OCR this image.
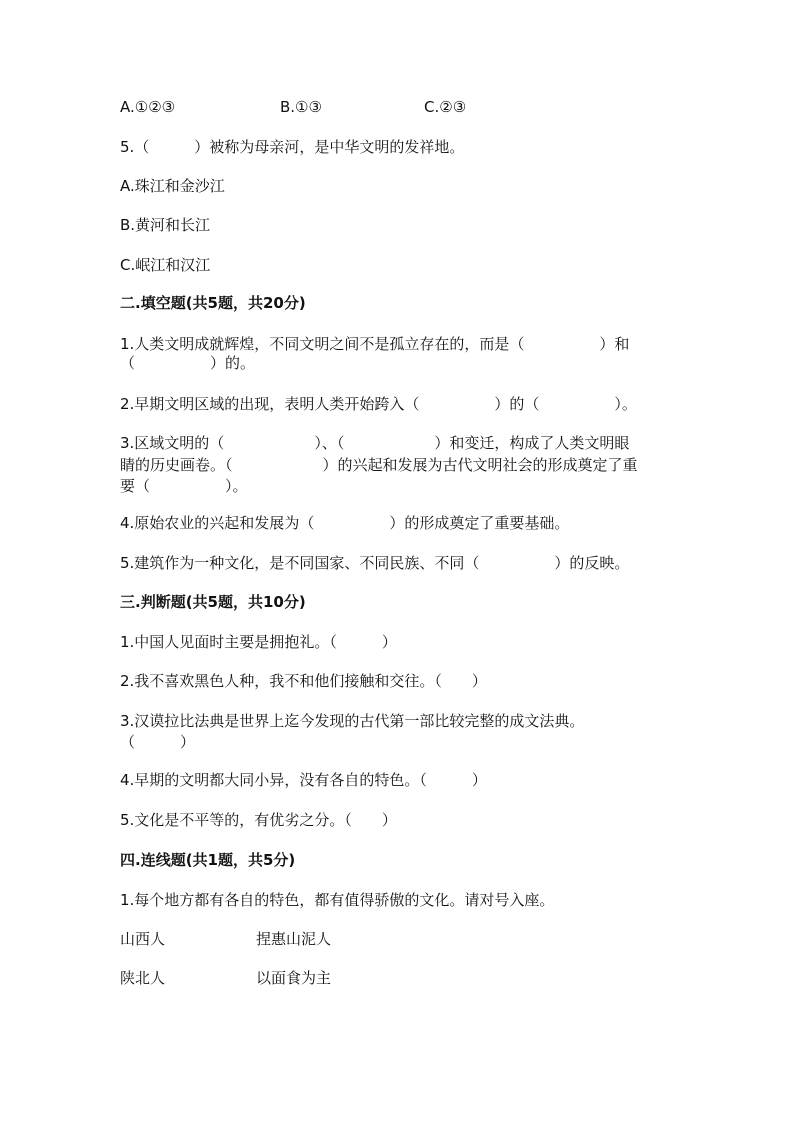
A.①②③	B.①③	C.②③
5.（　　　）被称为母亲河，是中华文明的发祥地。
A.珠江和金沙江
B.黄河和长江
C.岷江和汉江
二.填空题(共5题，共20分)
1.人类文明成就辉煌，不同文明之间不是孤立存在的，而是（　　　　　）和
（　　　　　）的。
2.早期文明区域的出现，表明人类开始跨入（　　　　　）的（　　　　　）。
3.区域文明的（　　　　　　）、（　　　　　　）和变迁，构成了人类文明眼
睛的历史画卷。（　　　　　　）的兴起和发展为古代文明社会的形成奠定了重
要（　　　　　）。
4.原始农业的兴起和发展为（　　　　　）的形成奠定了重要基础。
5.建筑作为一种文化，是不同国家、不同民族、不同（　　　　　）的反映。
三.判断题(共5题，共10分)
1.中国人见面时主要是拥抱礼。（　　　）
2.我不喜欢黑色人种，我不和他们接触和交往。（　　）
3.汉谟拉比法典是世界上迄今发现的古代第一部比较完整的成文法典。
（　　　）
4.早期的文明都大同小异，没有各自的特色。（　　　）
5.文化是不平等的，有优劣之分。（　　）
四.连线题(共1题，共5分)
1.每个地方都有各自的特色，都有值得骄傲的文化。请对号入座。
山西人	捏惠山泥人
陕北人	以面食为主
